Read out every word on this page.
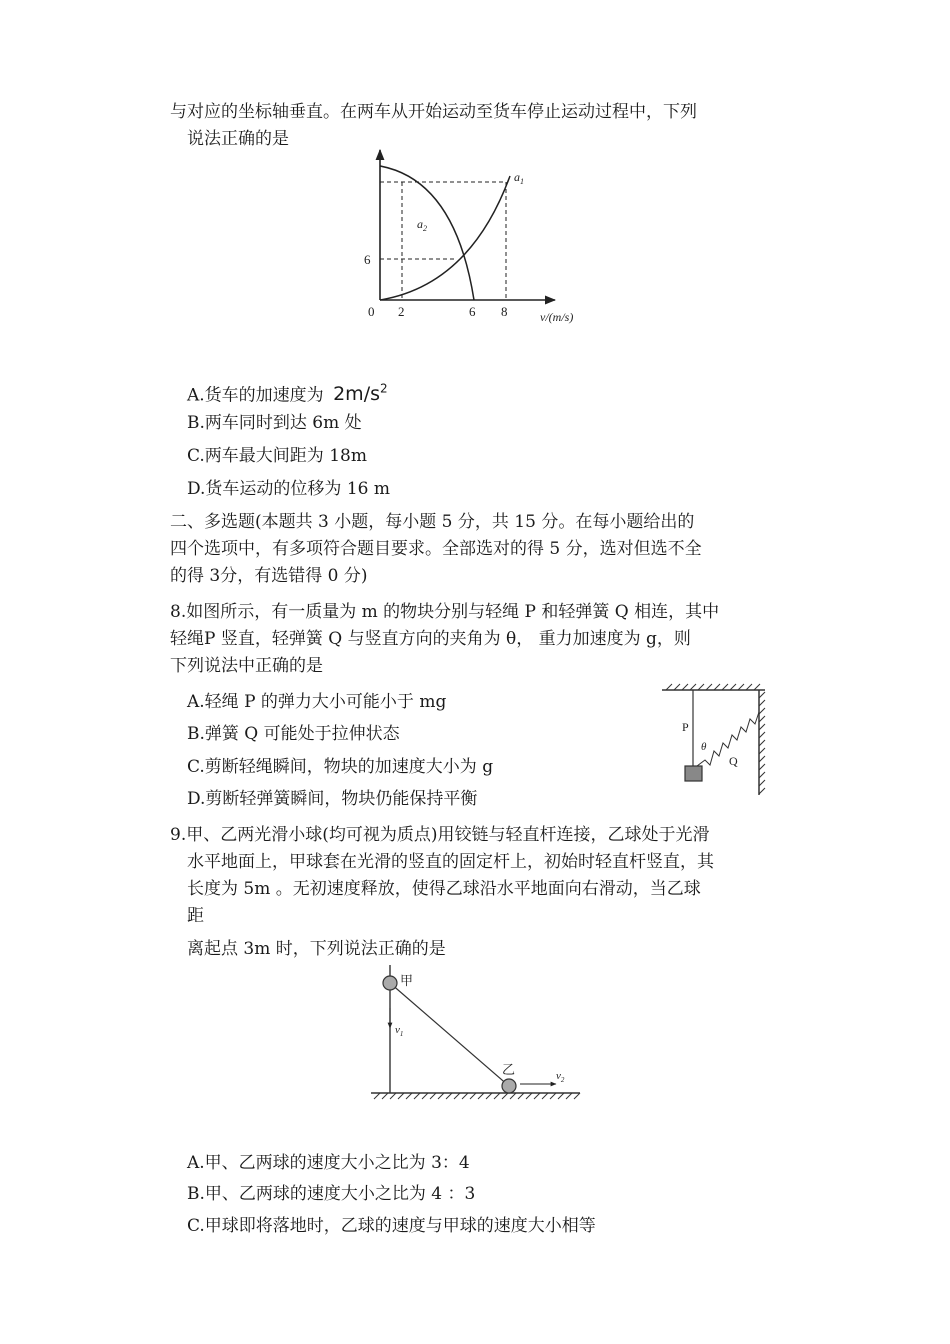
与对应的坐标轴垂直。在两车从开始运动至货车停止运动过程中，下列
说法正确的是
$a_1$
$a_2$
6
0 2	6 8	v/(m/s)
A.货车的加速度为 $2m/s^2$
B.两车同时到达 6m 处
C.两车最大间距为 18m
D.货车运动的位移为 16 m
二、多选题(本题共 3 小题，每小题 5 分，共 15 分。在每小题给出的
四个选项中，有多项符合题目要求。全部选对的得 5 分，选对但选不全
的得 3分，有选错得 0 分)
8.如图所示，有一质量为 m 的物块分别与轻绳 P 和轻弹簧 Q 相连，其中
轻绳P 竖直，轻弹簧 Q 与竖直方向的夹角为 θ， 重力加速度为 g，则
下列说法中正确的是
A.轻绳 P 的弹力大小可能小于 mg
B.弹簧 Q 可能处于拉伸状态
C.剪断轻绳瞬间，物块的加速度大小为 g
D.剪断轻弹簧瞬间，物块仍能保持平衡
P
θ
Q
9.甲、乙两光滑小球(均可视为质点)用铰链与轻直杆连接，乙球处于光滑
水平地面上，甲球套在光滑的竖直的固定杆上，初始时轻直杆竖直，其
长度为 5m 。无初速度释放，使得乙球沿水平地面向右滑动，当乙球
距
离起点 3m 时，下列说法正确的是
甲
$v_1$
乙	$v_2$
A.甲、乙两球的速度大小之比为 3：4
B.甲、乙两球的速度大小之比为 4 ：3
C.甲球即将落地时，乙球的速度与甲球的速度大小相等
